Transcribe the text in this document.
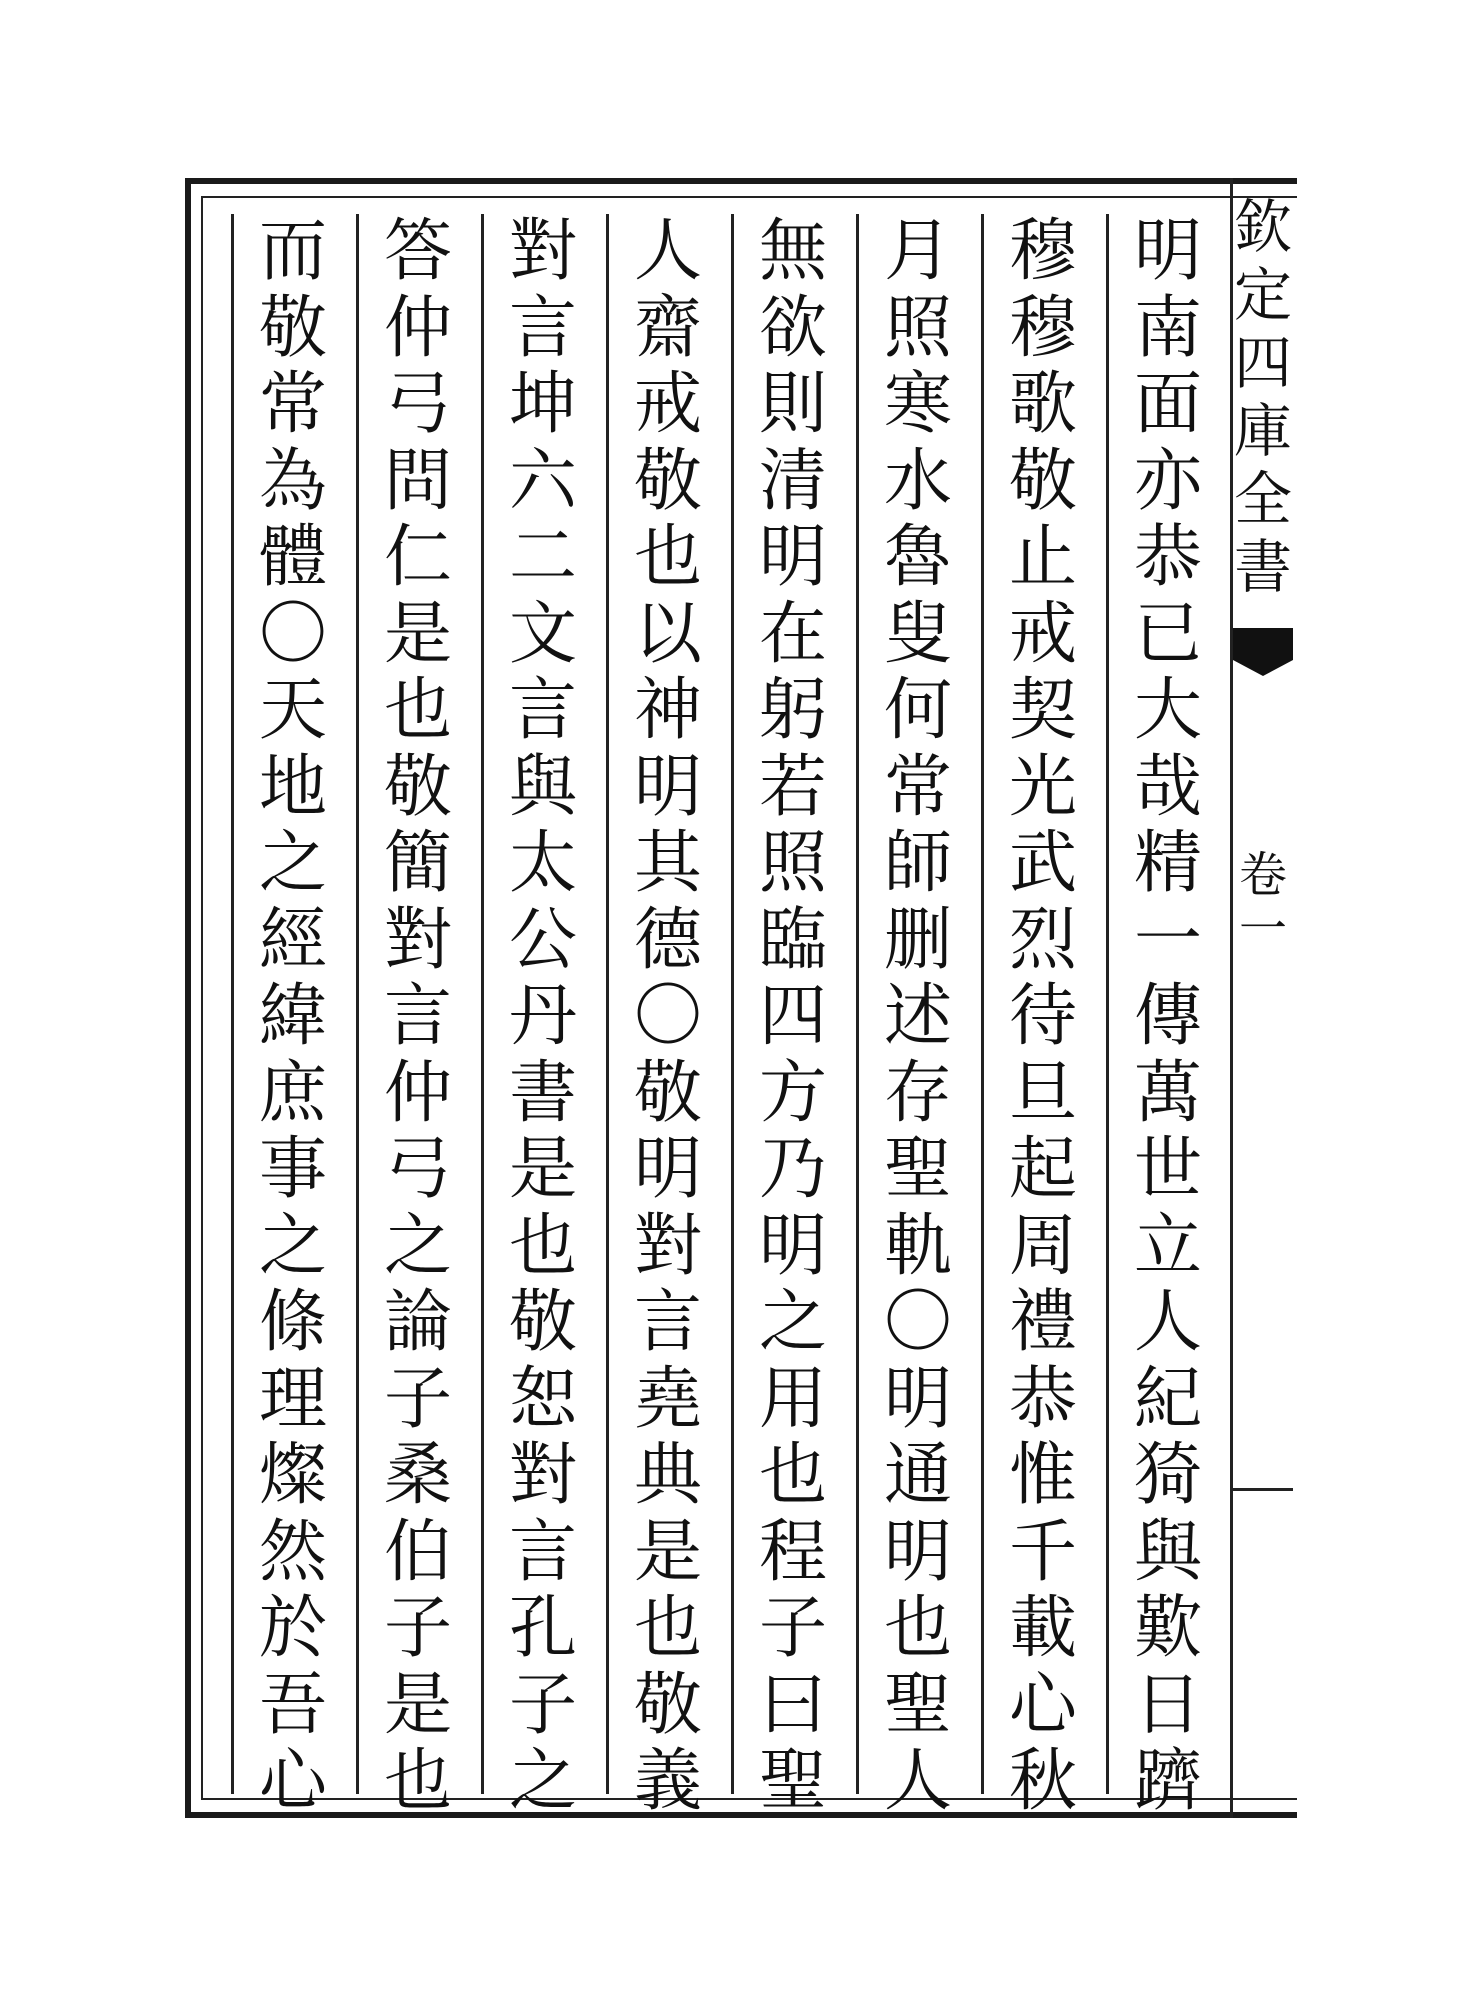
明
南
面
亦
恭
已
大
哉
精
一
傳
萬
世
立
人
紀
猗
與
歎
日
躋
穆
穆
歌
敬
止
戒
契
光
武
烈
待
旦
起
周
禮
恭
惟
千
載
心
秋
月
照
寒
水
魯
叟
何
常
師
删
述
存
聖
軌
〇
明
通
明
也
聖
人
無
欲
則
清
明
在
躬
若
照
臨
四
方
乃
明
之
用
也
程
子
曰
聖
人
齋
戒
敬
也
以
神
明
其
德
〇
敬
明
對
言
堯
典
是
也
敬
義
對
言
坤
六
二
文
言
與
太
公
丹
書
是
也
敬
恕
對
言
孔
子
之
答
仲
弓
問
仁
是
也
敬
簡
對
言
仲
弓
之
論
子
桑
伯
子
是
也
而
敬
常
為
體
〇
天
地
之
經
緯
庶
事
之
條
理
燦
然
於
吾
心
欽
定
四
庫
全
書
卷
一
